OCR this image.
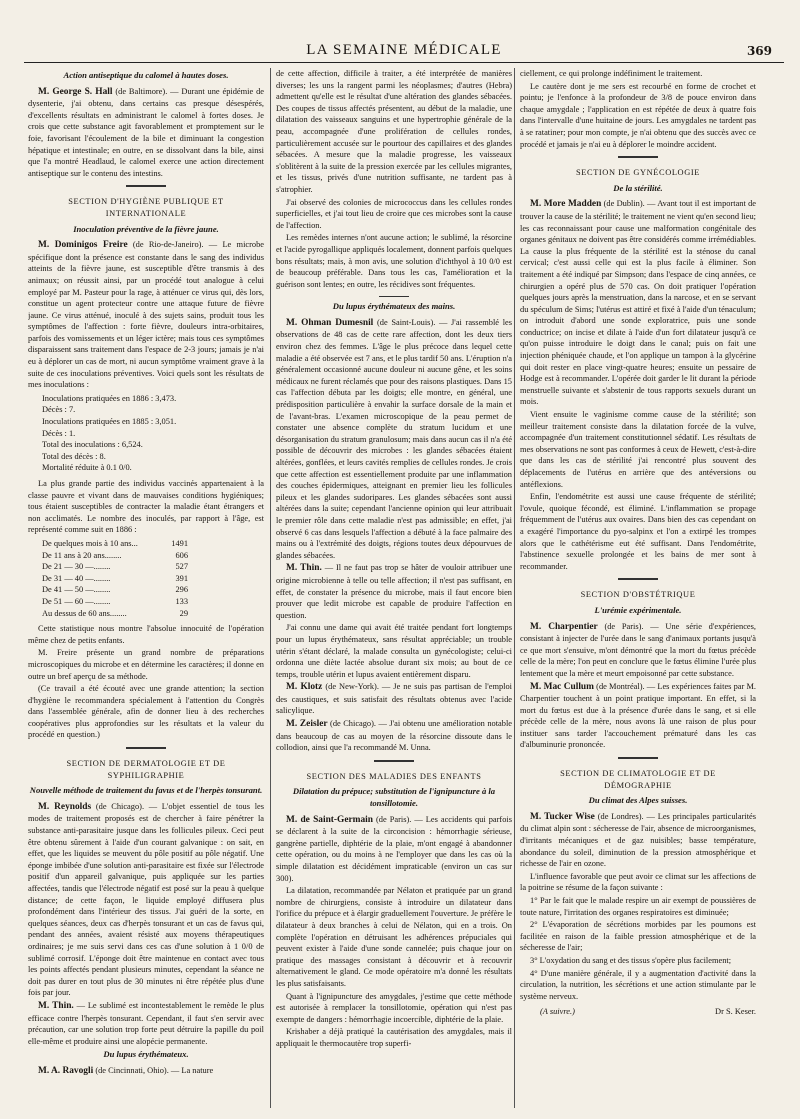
LA SEMAINE MÉDICALE	369

Action antiseptique du calomel à hautes doses.

M. George S. Hall (de Baltimore). — Durant une épidémie de dysenterie, j'ai obtenu, dans certains cas presque désespérés, d'excellents résultats en administrant le calomel à fortes doses. Je crois que cette substance agit favorablement et promptement sur le foie, favorisant l'écoulement de la bile et diminuant la congestion hépatique et intestinale; en outre, en se dissolvant dans la bile, ainsi que l'a montré Headlaud, le calomel exerce une action directement antiseptique sur le contenu des intestins.

SECTION D'HYGIÈNE PUBLIQUE ET INTERNATIONALE

Inoculation préventive de la fièvre jaune.

M. Dominigos Freire (de Rio-de-Janeiro). — Le microbe spécifique dont la présence est constante dans le sang des individus atteints de la fièvre jaune, est susceptible d'être transmis à des animaux; on réussit ainsi, par un procédé tout analogue à celui employé par M. Pasteur pour la rage, à atténuer ce virus qui, dès lors, constitue un agent protecteur contre une attaque future de fièvre jaune. Ce virus atténué, inoculé à des sujets sains, produit tous les symptômes de l'affection : forte fièvre, douleurs intra-orbitaires, parfois des vomissements et un léger ictère; mais tous ces symptômes disparaissent sans traitement dans l'espace de 2-3 jours; jamais je n'ai eu à déplorer un cas de mort, ni aucun symptôme vraiment grave à la suite de ces inoculations préventives. Voici quels sont les résultats de mes inoculations :

Inoculations pratiquées en 1886 : 3,473.
Décès : 7.
Inoculations pratiquées en 1885 : 3,051.
Décès : 1.
Total des inoculations : 6,524.
Total des décès : 8.
Mortalité réduite à 0.1 0/0.

La plus grande partie des individus vaccinés appartenaient à la classe pauvre et vivant dans de mauvaises conditions hygiéniques; tous étaient susceptibles de contracter la maladie étant étrangers et non acclimatés. Le nombre des inoculés, par rapport à l'âge, est représenté comme suit en 1886 :

De quelques mois à 10 ans...	1491
De 11 ans à 20 ans........	606
De 21 — 30 —........	527
De 31 — 40 —........	391
De 41 — 50 —........	296
De 51 — 60 —........	133
Au dessus de 60 ans........	29

Cette statistique nous montre l'absolue innocuité de l'opération même chez de petits enfants.

M. Freire présente un grand nombre de préparations microscopiques du microbe et en détermine les caractères; il donne en outre un bref aperçu de sa méthode.

(Ce travail a été écouté avec une grande attention; la section d'hygiène le recommandera spécialement à l'attention du Congrès dans l'assemblée générale, afin de donner lieu à des recherches coopératives plus approfondies sur les résultats et la valeur du procédé en question.)

SECTION DE DERMATOLOGIE ET DE SYPHILIGRAPHIE

Nouvelle méthode de traitement du favus et de l'herpès tonsurant.

M. Reynolds (de Chicago). — L'objet essentiel de tous les modes de traitement proposés est de chercher à faire pénétrer la substance anti-parasitaire jusque dans les follicules pileux. Ceci peut être obtenu sûrement à l'aide d'un courant galvanique : on sait, en effet, que les liquides se meuvent du pôle positif au pôle négatif. Une éponge imbibée d'une solution anti-parasitaire est fixée sur l'électrode positif d'un appareil galvanique, puis appliquée sur les parties affectées, tandis que l'électrode négatif est posé sur la peau à quelque distance; de cette façon, le liquide employé diffusera plus profondément dans l'intérieur des tissus. J'ai guéri de la sorte, en quelques séances, deux cas d'herpès tonsurant et un cas de favus qui, pendant des années, avaient résisté aux moyens thérapeutiques ordinaires; je me suis servi dans ces cas d'une solution à 1 0/0 de sublimé corrosif. L'éponge doit être maintenue en contact avec tous les points affectés pendant plusieurs minutes, cependant la séance ne doit pas durer en tout plus de 30 minutes ni être répétée plus d'une fois par jour.

M. Thin. — Le sublimé est incontestablement le remède le plus efficace contre l'herpès tonsurant. Cependant, il faut s'en servir avec précaution, car une solution trop forte peut détruire la papille du poil elle-même et produire ainsi une alopécie permanente.

Du lupus érythémateux.

M. A. Ravogli (de Cincinnati, Ohio). — La nature

de cette affection, difficile à traiter, a été interprétée de manières diverses; les uns la rangent parmi les néoplasmes; d'autres (Hebra) admettent qu'elle est le résultat d'une altération des glandes sébacées. Des coupes de tissus affectés présentent, au début de la maladie, une dilatation des vaisseaux sanguins et une hypertrophie générale de la peau, accompagnée d'une prolifération de cellules rondes, particulièrement accusée sur le pourtour des capillaires et des glandes sébacées. A mesure que la maladie progresse, les vaisseaux s'oblitèrent à la suite de la pression exercée par les cellules migrantes, et les tissus, privés d'une nutrition suffisante, ne tardent pas à s'atrophier.

J'ai observé des colonies de micrococcus dans les cellules rondes superficielles, et j'ai tout lieu de croire que ces microbes sont la cause de l'affection.

Les remèdes internes n'ont aucune action; le sublimé, la résorcine et l'acide pyrogallique appliqués localement, donnent parfois quelques bons résultats; mais, à mon avis, une solution d'ichthyol à 10 0/0 est de beaucoup préférable. Dans tous les cas, l'amélioration et la guérison sont lentes; en outre, les récidives sont fréquentes.

Du lupus érythémateux des mains.

M. Ohman Dumesnil (de Saint-Louis). — J'ai rassemblé les observations de 48 cas de cette rare affection, dont les deux tiers environ chez des femmes. L'âge le plus précoce dans lequel cette maladie a été observée est 7 ans, et le plus tardif 50 ans. L'éruption n'a généralement occasionné aucune douleur ni aucune gêne, et les soins médicaux ne furent réclamés que pour des raisons plastiques. Dans 15 cas l'affection débuta par les doigts; elle montre, en général, une prédisposition particulière à envahir la surface dorsale de la main et de l'avant-bras. L'examen microscopique de la peau permet de constater une absence complète du stratum lucidum et une désorganisation du stratum granulosum; mais dans aucun cas il n'a été possible de découvrir des microbes : les glandes sébacées étaient altérées, gonflées, et leurs cavités remplies de cellules rondes. Je crois que cette affection est essentiellement produite par une inflammation des couches épidermiques, atteignant en premier lieu les follicules pileux et les glandes sudoripares. Les glandes sébacées sont aussi altérées dans la suite; cependant l'ancienne opinion qui leur attribuait le premier rôle dans cette maladie n'est pas admissible; en effet, j'ai observé 6 cas dans lesquels l'affection a débuté à la face palmaire des mains ou à l'extrémité des doigts, régions toutes deux dépourvues de glandes sébacées.

M. Thin. — Il ne faut pas trop se hâter de vouloir attribuer une origine microbienne à telle ou telle affection; il n'est pas suffisant, en effet, de constater la présence du microbe, mais il faut encore bien prouver que ledit microbe est capable de produire l'affection en question.

J'ai connu une dame qui avait été traitée pendant fort longtemps pour un lupus érythémateux, sans résultat appréciable; un trouble utérin s'étant déclaré, la malade consulta un gynécologiste; celui-ci ordonna une diète lactée absolue durant six mois; au bout de ce temps, trouble utérin et lupus avaient entièrement disparu.

M. Klotz (de New-York). — Je ne suis pas partisan de l'emploi des caustiques, et suis satisfait des résultats obtenus avec l'acide salicylique.

M. Zeisler (de Chicago). — J'ai obtenu une amélioration notable dans beaucoup de cas au moyen de la résorcine dissoute dans le collodion, ainsi que l'a recommandé M. Unna.

SECTION DES MALADIES DES ENFANTS

Dilatation du prépuce; substitution de l'ignipuncture à la tonsillotomie.

M. de Saint-Germain (de Paris). — Les accidents qui parfois se déclarent à la suite de la circoncision : hémorrhagie sérieuse, gangrène partielle, diphtérie de la plaie, m'ont engagé à abandonner cette opération, ou du moins à ne l'employer que dans les cas où la simple dilatation est décidément impraticable (environ un cas sur 300).

La dilatation, recommandée par Nélaton et pratiquée par un grand nombre de chirurgiens, consiste à introduire un dilatateur dans l'orifice du prépuce et à élargir graduellement l'ouverture. Je préfère le dilatateur à deux branches à celui de Nélaton, qui en a trois. On complète l'opération en détruisant les adhérences prépuciales qui peuvent exister à l'aide d'une sonde cannelée; puis chaque jour on pratique des massages consistant à découvrir et à recouvrir alternativement le gland. Ce mode opératoire m'a donné les résultats les plus satisfaisants.

Quant à l'ignipuncture des amygdales, j'estime que cette méthode est autorisée à remplacer la tonsillotomie, opération qui n'est pas exempte de dangers : hémorrhagie incoercible, diphtérie de la plaie.

Krishaber a déjà pratiqué la cautérisation des amygdales, mais il appliquait le thermocautère trop superfi-

ciellement, ce qui prolonge indéfiniment le traitement.

Le cautère dont je me sers est recourbé en forme de crochet et pointu; je l'enfonce à la profondeur de 3/8 de pouce environ dans chaque amygdale ; l'application en est répétée de deux à quatre fois dans l'intervalle d'une huitaine de jours. Les amygdales ne tardent pas à se ratatiner; pour mon compte, je n'ai obtenu que des succès avec ce procédé et jamais je n'ai eu à déplorer le moindre accident.

SECTION DE GYNÉCOLOGIE

De la stérilité.

M. More Madden (de Dublin). — Avant tout il est important de trouver la cause de la stérilité; le traitement ne vient qu'en second lieu; les cas reconnaissant pour cause une malformation congénitale des organes génitaux ne doivent pas être considérés comme irrémédiables. La cause la plus fréquente de la stérilité est la sténose du canal cervical; c'est aussi celle qui est la plus facile à éliminer. Son traitement a été indiqué par Simpson; dans l'espace de cinq années, ce chirurgien a opéré plus de 570 cas. On doit pratiquer l'opération quelques jours après la menstruation, dans la narcose, et en se servant du spéculum de Sims; l'utérus est attiré et fixé à l'aide d'un ténaculum; on introduit d'abord une sonde exploratrice, puis une sonde conductrice; on incise et dilate à l'aide d'un fort dilatateur jusqu'à ce qu'on puisse introduire le doigt dans le canal; puis on fait une injection phéniquée chaude, et l'on applique un tampon à la glycérine qui doit rester en place vingt-quatre heures; ensuite un pessaire de Hodge est à recommander. L'opérée doit garder le lit durant la période menstruelle suivante et s'abstenir de tous rapports sexuels durant un mois.

Vient ensuite le vaginisme comme cause de la stérilité; son meilleur traitement consiste dans la dilatation forcée de la vulve, accompagnée d'un traitement constitutionnel sédatif. Les résultats de mes observations ne sont pas conformes à ceux de Hewett, c'est-à-dire que dans les cas de stérilité j'ai rencontré plus souvent des déplacements de l'utérus en arrière que des antéversions ou antéflexions.

Enfin, l'endométrite est aussi une cause fréquente de stérilité; l'ovule, quoique fécondé, est éliminé. L'inflammation se propage fréquemment de l'utérus aux ovaires. Dans bien des cas cependant on a exagéré l'importance du pyo-salpinx et l'on a extirpé les trompes alors que le cathétérisme eut été suffisant. Dans l'endométrite, l'abstinence sexuelle prolongée et les bains de mer sont à recommander.

SECTION D'OBSTÉTRIQUE

L'urémie expérimentale.

M. Charpentier (de Paris). — Une série d'expériences, consistant à injecter de l'urée dans le sang d'animaux portants jusqu'à ce que mort s'ensuive, m'ont démontré que la mort du fœtus précède celle de la mère; l'on peut en conclure que le fœtus élimine l'urée plus lentement que la mère et meurt empoisonné par cette substance.

M. Mac Cullum (de Montréal). — Les expériences faites par M. Charpentier touchent à un point pratique important. En effet, si la mort du fœtus est due à la présence d'urée dans le sang, et si elle précède celle de la mère, nous avons là une raison de plus pour instituer sans tarder l'accouchement prématuré dans les cas d'albuminurie prononcée.

SECTION DE CLIMATOLOGIE ET DE DÉMOGRAPHIE

Du climat des Alpes suisses.

M. Tucker Wise (de Londres). — Les principales particularités du climat alpin sont : sécheresse de l'air, absence de microorganismes, d'irritants mécaniques et de gaz nuisibles; basse température, abondance du soleil, diminution de la pression atmosphérique et richesse de l'air en ozone.

L'influence favorable que peut avoir ce climat sur les affections de la poitrine se résume de la façon suivante :

1° Par le fait que le malade respire un air exempt de poussières de toute nature, l'irritation des organes respiratoires est diminuée;

2° L'évaporation de sécrétions morbides par les poumons est facilitée en raison de la faible pression atmosphérique et de la sécheresse de l'air;

3° L'oxydation du sang et des tissus s'opère plus facilement;

4° D'une manière générale, il y a augmentation d'activité dans la circulation, la nutrition, les sécrétions et une action stimulante par le système nerveux.

(A suivre.)	Dr S. Keser.
